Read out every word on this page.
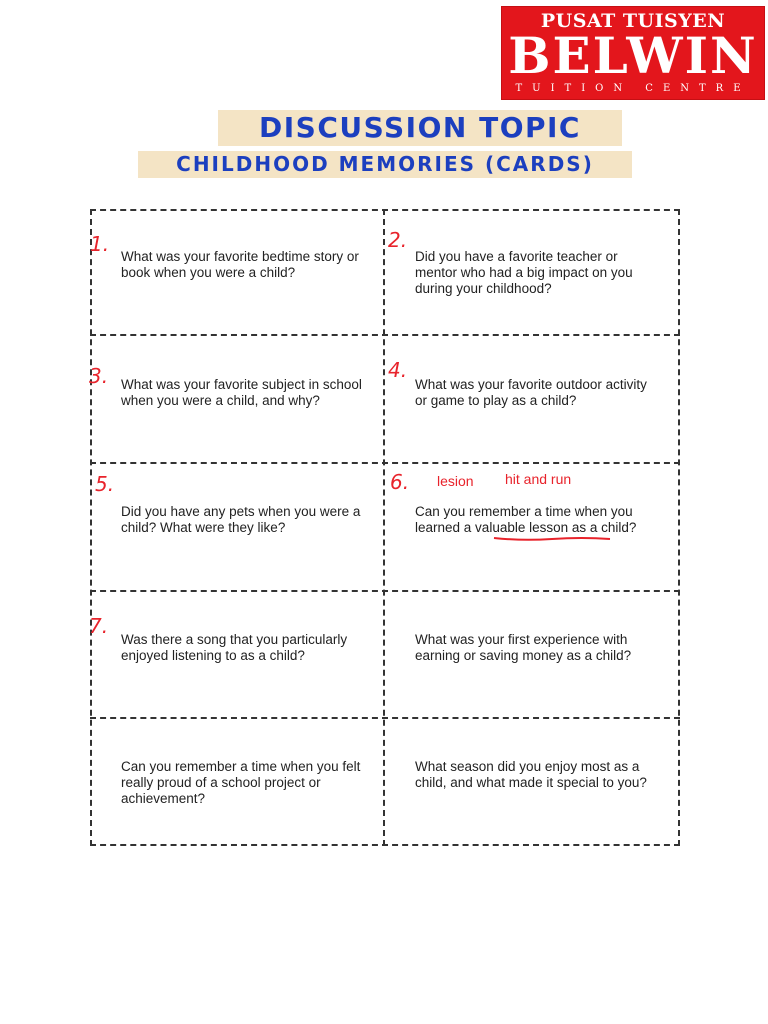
PUSAT TUISYEN
BELWIN
TUITION CENTRE
DISCUSSION TOPIC
CHILDHOOD MEMORIES (CARDS)
1.
What was your favorite bedtime story or book when you were a child?
2.
Did you have a favorite teacher or mentor who had a big impact on you during your childhood?
3. What was your favorite subject in school when you were a child, and why?
4.
What was your favorite outdoor activity or game to play as a child?
5.
Did you have any pets when you were a child? What were they like?
6. lesion hit and run
Can you remember a time when you learned a valuable lesson as a child?
7.
Was there a song that you particularly enjoyed listening to as a child?
What was your first experience with earning or saving money as a child?
Can you remember a time when you felt really proud of a school project or achievement?
What season did you enjoy most as a child, and what made it special to you?
